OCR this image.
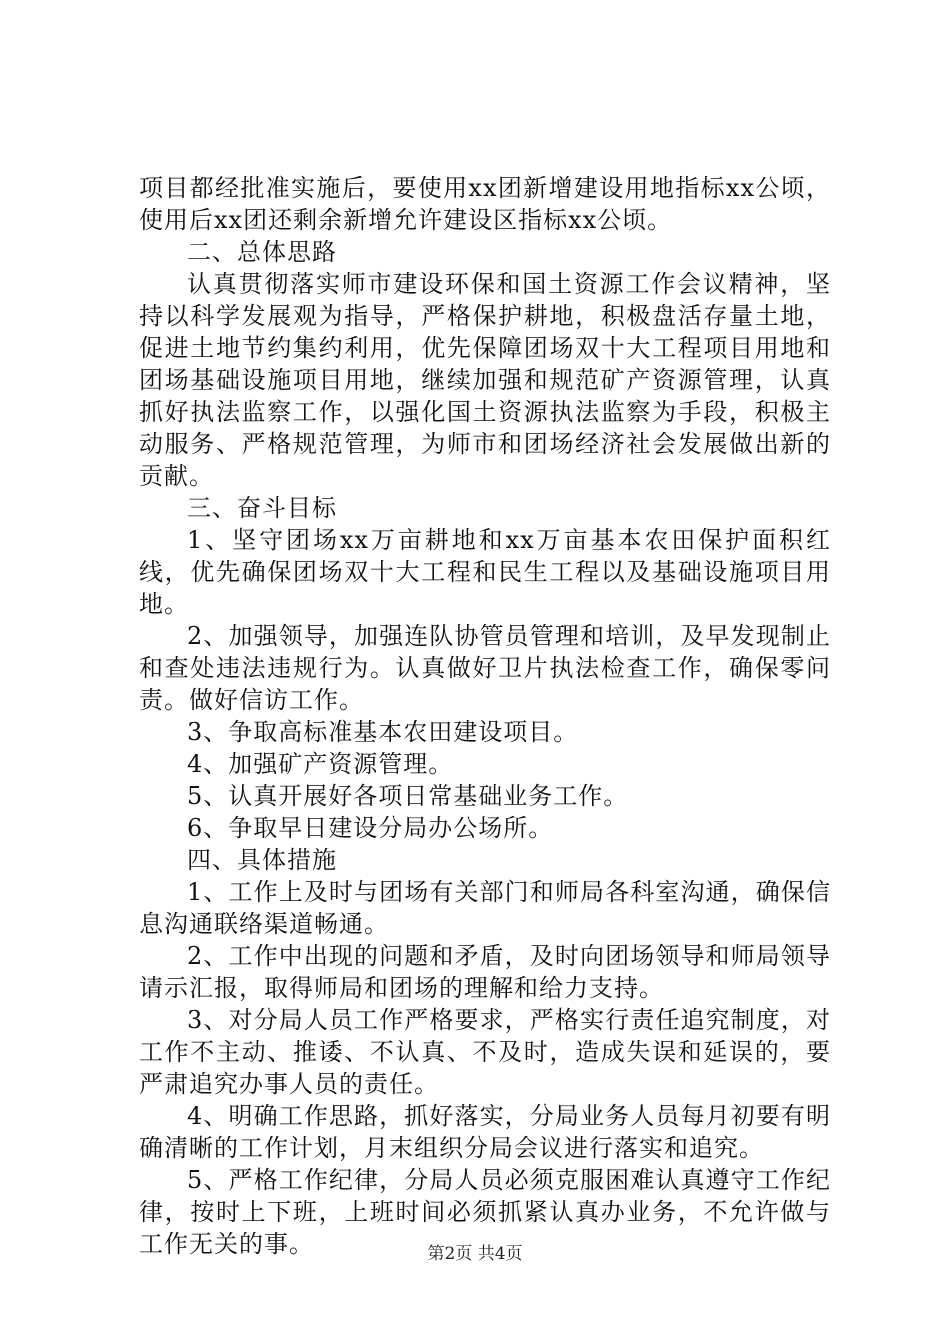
项目都经批准实施后，要使用xx团新增建设用地指标xx公顷，使用后xx团还剩余新增允许建设区指标xx公顷。

二、总体思路

认真贯彻落实师市建设环保和国土资源工作会议精神，坚持以科学发展观为指导，严格保护耕地，积极盘活存量土地，促进土地节约集约利用，优先保障团场双十大工程项目用地和团场基础设施项目用地，继续加强和规范矿产资源管理，认真抓好执法监察工作，以强化国土资源执法监察为手段，积极主动服务、严格规范管理，为师市和团场经济社会发展做出新的贡献。

三、奋斗目标

1、坚守团场xx万亩耕地和xx万亩基本农田保护面积红线，优先确保团场双十大工程和民生工程以及基础设施项目用地。

2、加强领导，加强连队协管员管理和培训，及早发现制止和查处违法违规行为。认真做好卫片执法检查工作，确保零问责。做好信访工作。

3、争取高标准基本农田建设项目。

4、加强矿产资源管理。

5、认真开展好各项日常基础业务工作。

6、争取早日建设分局办公场所。

四、具体措施

1、工作上及时与团场有关部门和师局各科室沟通，确保信息沟通联络渠道畅通。

2、工作中出现的问题和矛盾，及时向团场领导和师局领导请示汇报，取得师局和团场的理解和给力支持。

3、对分局人员工作严格要求，严格实行责任追究制度，对工作不主动、推诿、不认真、不及时，造成失误和延误的，要严肃追究办事人员的责任。

4、明确工作思路，抓好落实，分局业务人员每月初要有明确清晰的工作计划，月末组织分局会议进行落实和追究。

5、严格工作纪律，分局人员必须克服困难认真遵守工作纪律，按时上下班，上班时间必须抓紧认真办业务，不允许做与工作无关的事。	第2页 共4页
